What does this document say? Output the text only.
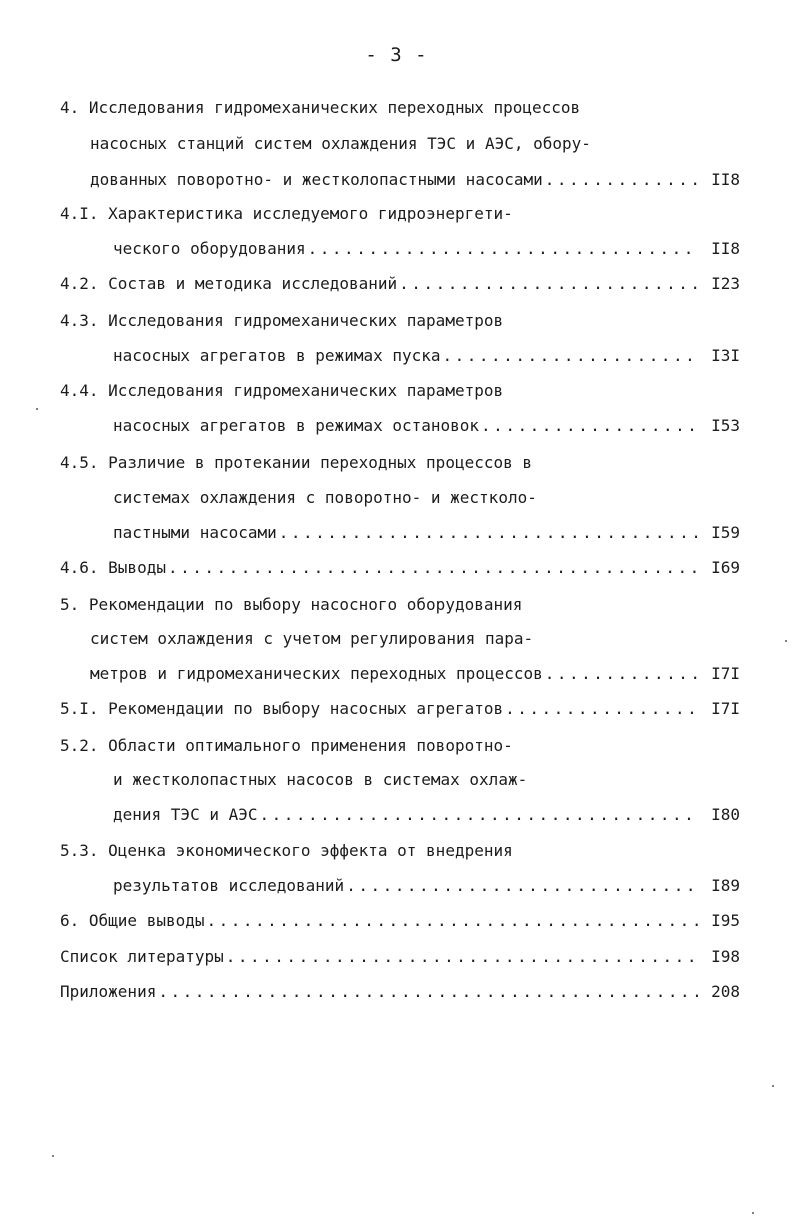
- 3 -
4. Исследования гидромеханических переходных процессов
насосных станций систем охлаждения ТЭС и АЭС, обору-
дованных поворотно- и жестколопастными насосами .....	II8
4.I. Характеристика исследуемого гидроэнергети-
ческого оборудования .....	II8
4.2. Состав и методика исследований .....	I23
4.3. Исследования гидромеханических параметров
насосных агрегатов в режимах пуска .....	I3I
4.4. Исследования гидромеханических параметров
насосных агрегатов в режимах остановок .....	I53
4.5. Различие в протекании переходных процессов в
системах охлаждения с поворотно- и жестколо-
пастными насосами .....	I59
4.6. Выводы .....	I69
5. Рекомендации по выбору насосного оборудования
систем охлаждения с учетом регулирования пара-
метров и гидромеханических переходных процессов .....	I7I
5.I. Рекомендации по выбору насосных агрегатов .....	I7I
5.2. Области оптимального применения поворотно-
и жестколопастных насосов в системах охлаж-
дения ТЭС и АЭС .....	I80
5.3. Оценка экономического эффекта от внедрения
результатов исследований .....	I89
6. Общие выводы .....	I95
Список литературы .....	I98
Приложения .....	208
